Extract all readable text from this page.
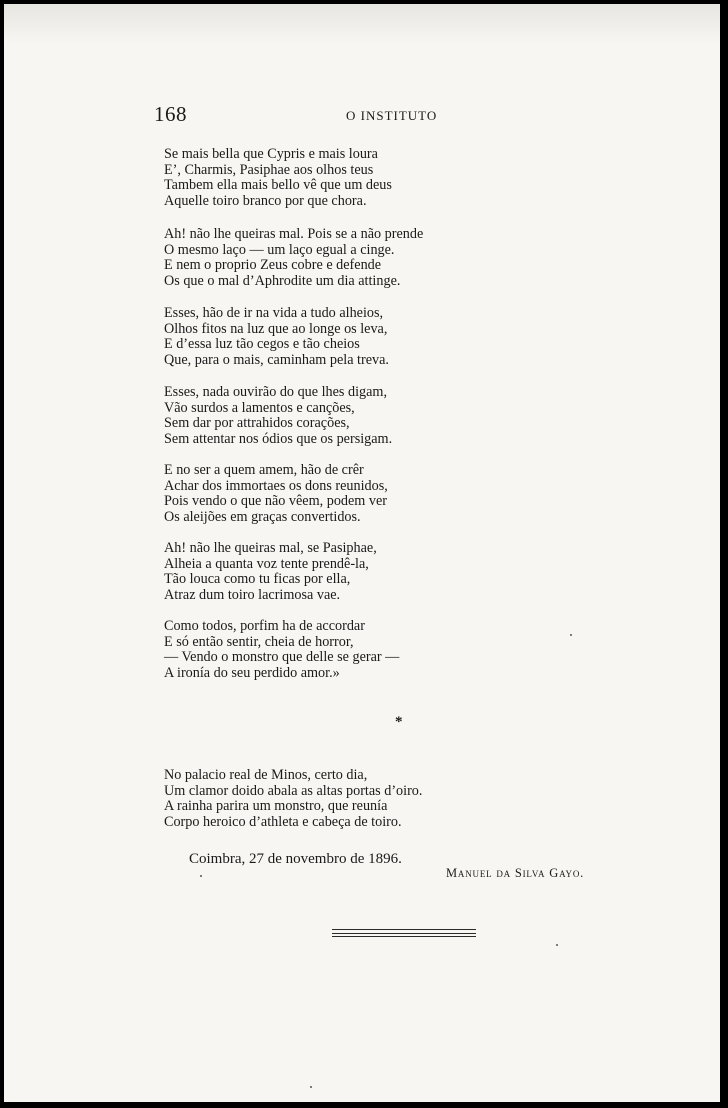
168	O INSTITUTO
Se mais bella que Cypris e mais loura
E’, Charmis, Pasiphae aos olhos teus
Tambem ella mais bello vê que um deus
Aquelle toiro branco por que chora.
Ah! não lhe queiras mal. Pois se a não prende
O mesmo laço — um laço egual a cinge.
E nem o proprio Zeus cobre e defende
Os que o mal d’Aphrodite um dia attinge.
Esses, hão de ir na vida a tudo alheios,
Olhos fitos na luz que ao longe os leva,
E d’essa luz tão cegos e tão cheios
Que, para o mais, caminham pela treva.
Esses, nada ouvirão do que lhes digam,
Vão surdos a lamentos e canções,
Sem dar por attrahidos corações,
Sem attentar nos ódios que os persigam.
E no ser a quem amem, hão de crêr
Achar dos immortaes os dons reunidos,
Pois vendo o que não vêem, podem ver
Os aleijões em graças convertidos.
Ah! não lhe queiras mal, se Pasiphae,
Alheia a quanta voz tente prendê-la,
Tão louca como tu ficas por ella,
Atraz dum toiro lacrimosa vae.
Como todos, porfim ha de accordar
E só então sentir, cheia de horror,
— Vendo o monstro que delle se gerar —
A ironía do seu perdido amor.»
No palacio real de Minos, certo dia,
Um clamor doido abala as altas portas d’oiro.
A rainha parira um monstro, que reunía
Corpo heroico d’athleta e cabeça de toiro.
*
Coimbra, 27 de novembro de 1896.
Manuel da Silva Gayo.
